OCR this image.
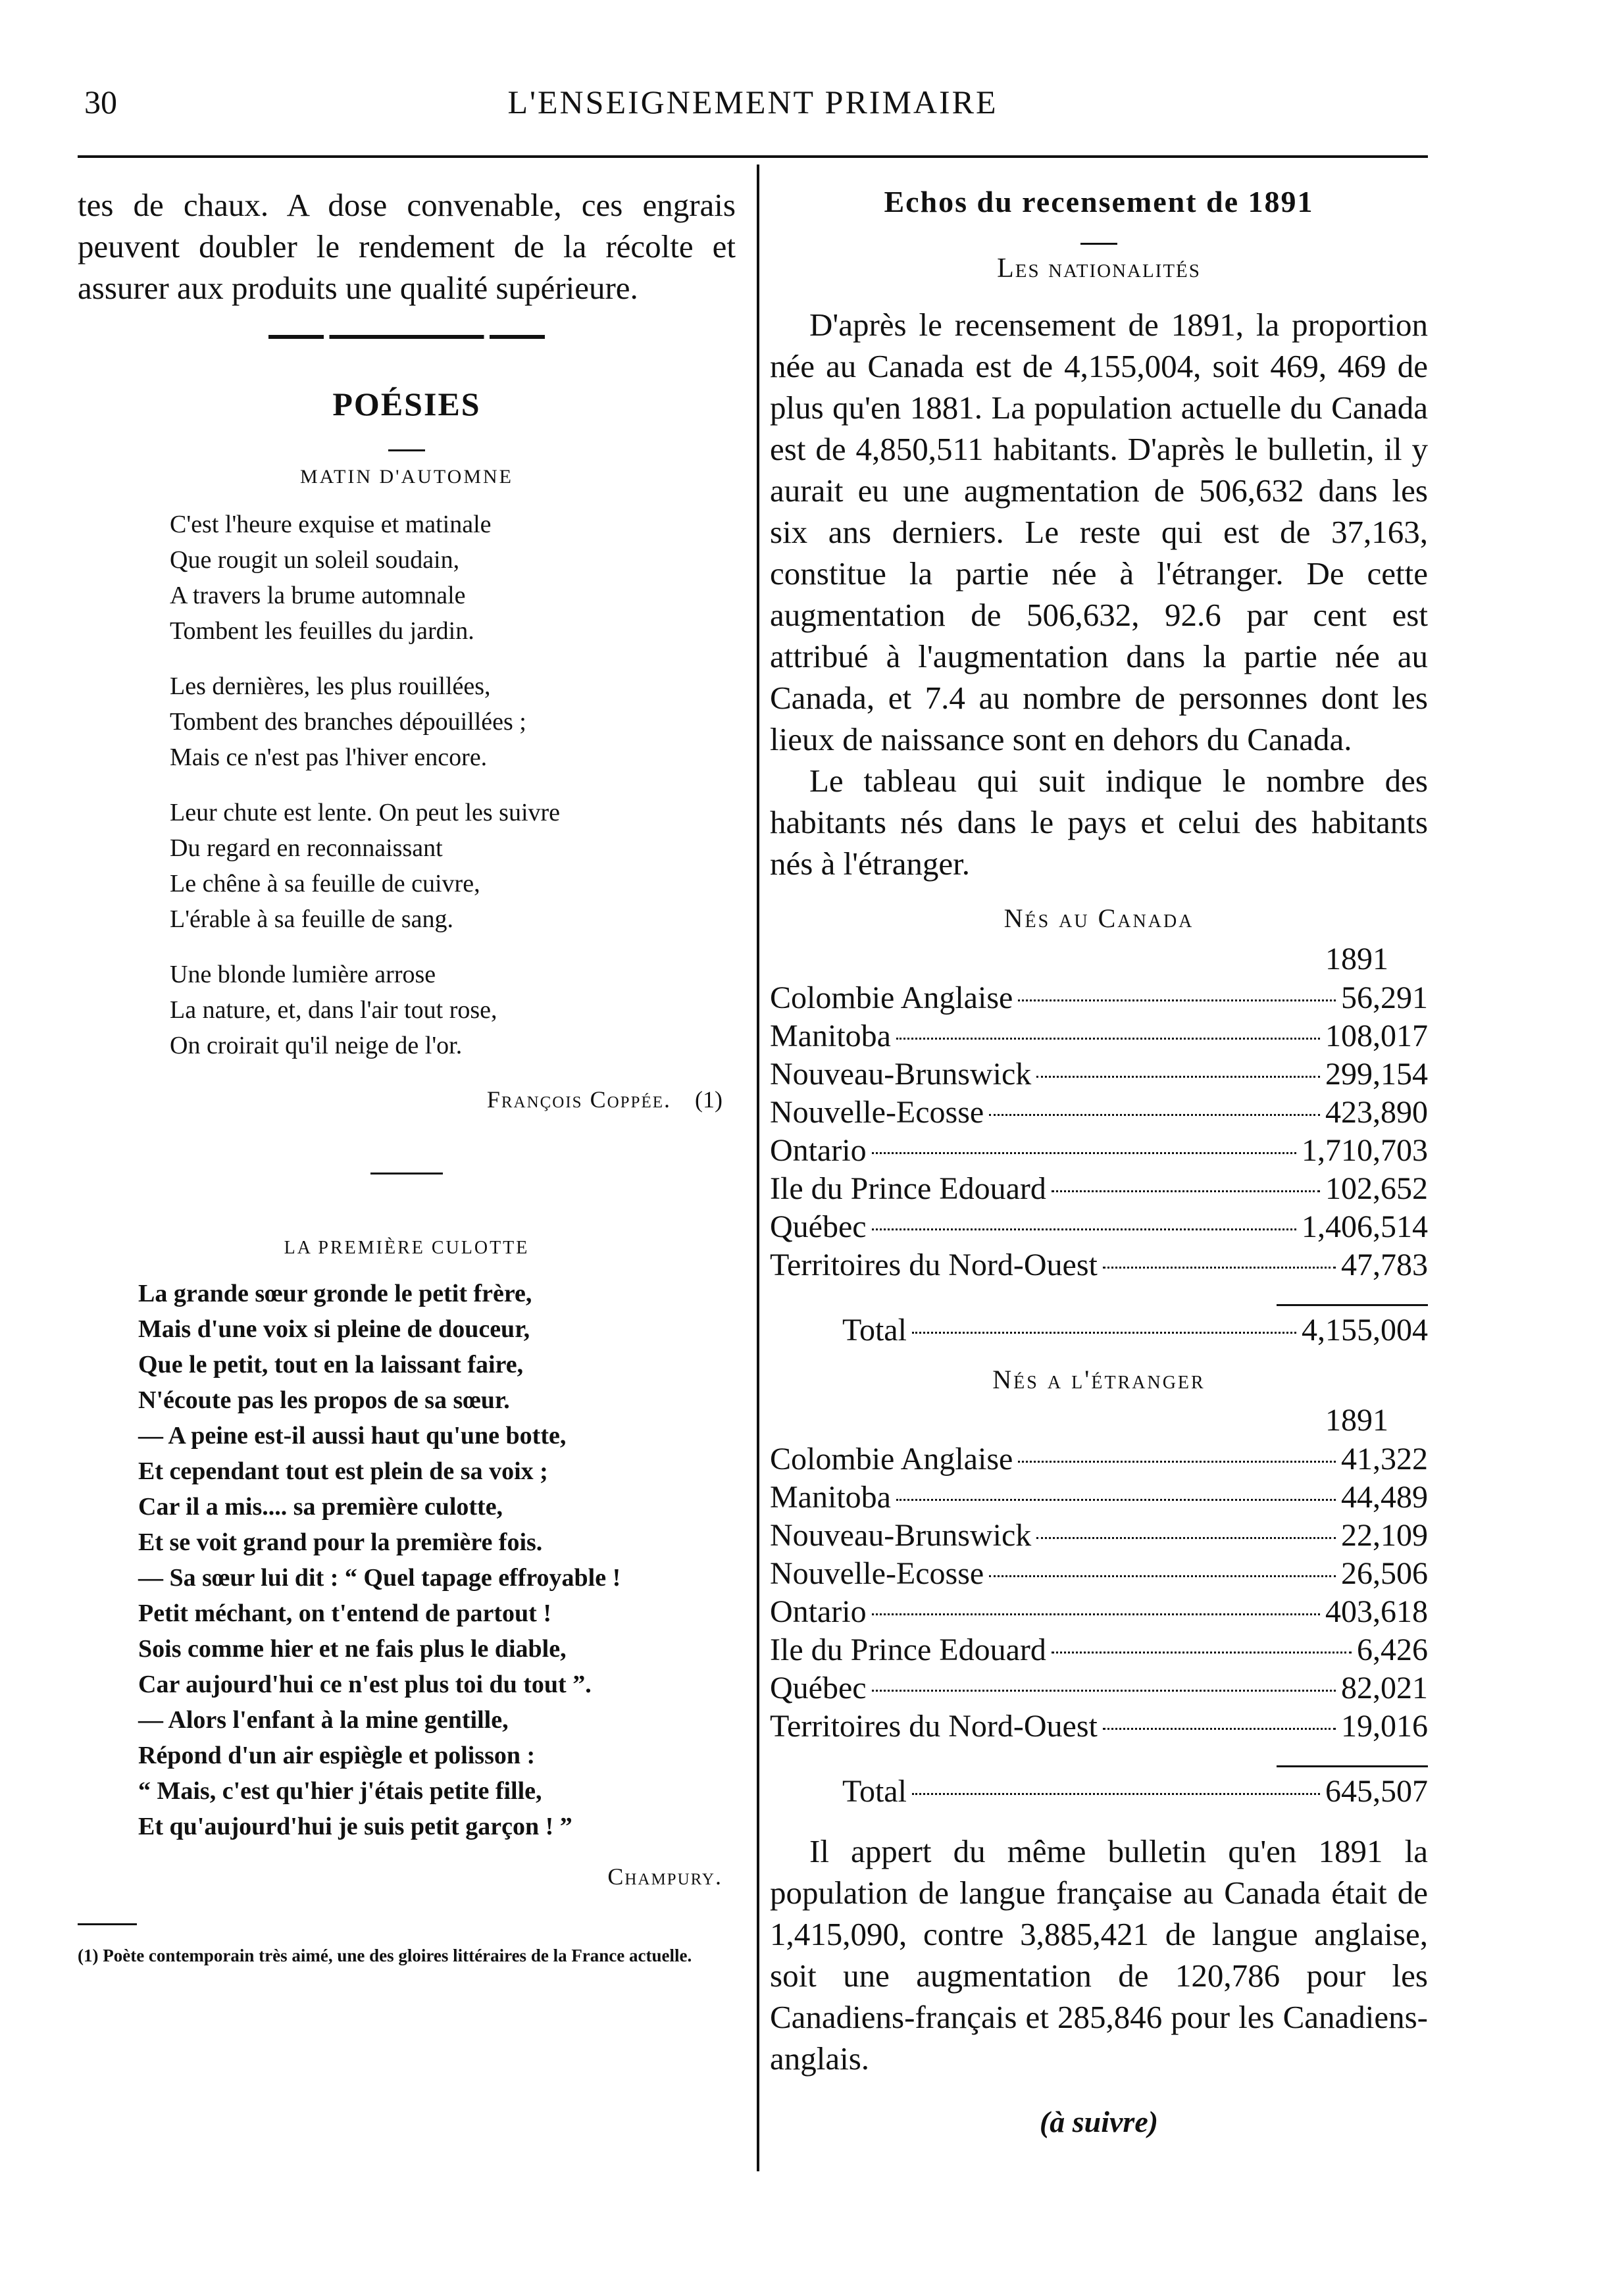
30	L'ENSEIGNEMENT PRIMAIRE

tes de chaux. A dose convenable, ces engrais peuvent doubler le rendement de la récolte et assurer aux produits une qualité supérieure.

POÉSIES
MATIN D'AUTOMNE
C'est l'heure exquise et matinale
Que rougit un soleil soudain,
A travers la brume automnale
Tombent les feuilles du jardin.
Les dernières, les plus rouillées,
Tombent des branches dépouillées ;
Mais ce n'est pas l'hiver encore.
Leur chute est lente. On peut les suivre
Du regard en reconnaissant
Le chêne à sa feuille de cuivre,
L'érable à sa feuille de sang.
Une blonde lumière arrose
La nature, et, dans l'air tout rose,
On croirait qu'il neige de l'or.
François Coppée. (1)
LA PREMIÈRE CULOTTE
La grande sœur gronde le petit frère,
Mais d'une voix si pleine de douceur,
Que le petit, tout en la laissant faire,
N'écoute pas les propos de sa sœur.
— A peine est-il aussi haut qu'une botte,
Et cependant tout est plein de sa voix ;
Car il a mis.... sa première culotte,
Et se voit grand pour la première fois.
— Sa sœur lui dit : “ Quel tapage effroyable !
Petit méchant, on t'entend de partout !
Sois comme hier et ne fais plus le diable,
Car aujourd'hui ce n'est plus toi du tout ”.
— Alors l'enfant à la mine gentille,
Répond d'un air espiègle et polisson :
“ Mais, c'est qu'hier j'étais petite fille,
Et qu'aujourd'hui je suis petit garçon ! ”
Champury.
(1) Poète contemporain très aimé, une des gloires littéraires de la France actuelle.
Echos du recensement de 1891
Les nationalités

D'après le recensement de 1891, la proportion née au Canada est de 4,155,004, soit 469, 469 de plus qu'en 1881. La population actuelle du Canada est de 4,850,511 habitants. D'après le bulletin, il y aurait eu une augmentation de 506,632 dans les six ans derniers. Le reste qui est de 37,163, constitue la partie née à l'étranger. De cette augmentation de 506,632, 92.6 par cent est attribué à l'augmentation dans la partie née au Canada, et 7.4 au nombre de personnes dont les lieux de naissance sont en dehors du Canada.

Le tableau qui suit indique le nombre des habitants nés dans le pays et celui des habitants nés à l'étranger.

Nés au Canada
1891
Colombie Anglaise	56,291
Manitoba	108,017
Nouveau-Brunswick	299,154
Nouvelle-Ecosse	423,890
Ontario	1,710,703
Ile du Prince Edouard	102,652
Québec	1,406,514
Territoires du Nord-Ouest	47,783
Total	4,155,004
Nés a l'étranger
1891
Colombie Anglaise	41,322
Manitoba	44,489
Nouveau-Brunswick	22,109
Nouvelle-Ecosse	26,506
Ontario	403,618
Ile du Prince Edouard	6,426
Québec	82,021
Territoires du Nord-Ouest	19,016
Total	645,507

Il appert du même bulletin qu'en 1891 la population de langue française au Canada était de 1,415,090, contre 3,885,421 de langue anglaise, soit une augmentation de 120,786 pour les Canadiens-français et 285,846 pour les Canadiens-anglais.

(à suivre)
